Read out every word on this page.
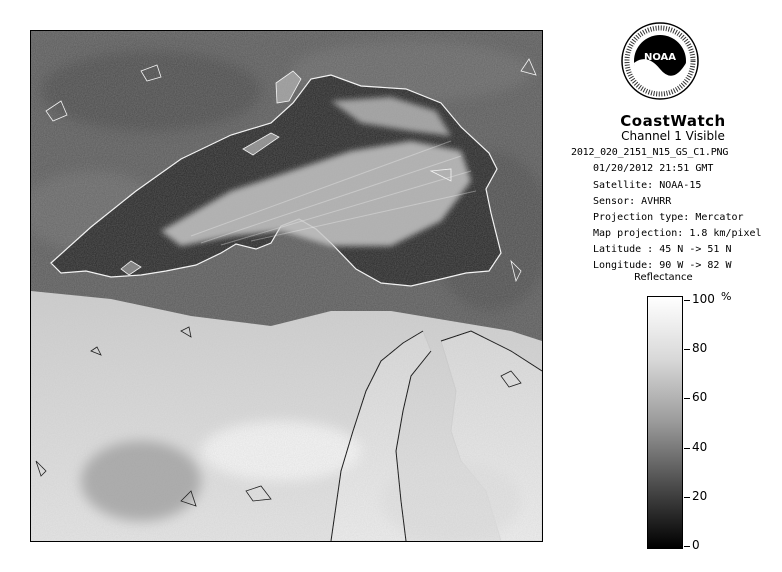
NOAA
CoastWatch
Channel 1 Visible
2012_020_2151_N15_GS_C1.PNG
01/20/2012 21:51 GMT
Satellite: NOAA-15
Sensor: AVHRR
Projection type: Mercator
Map projection: 1.8 km/pixel
Latitude : 45 N -> 51 N
Longitude: 90 W -> 82 W
Reflectance
%
100
80
60
40
20
0
